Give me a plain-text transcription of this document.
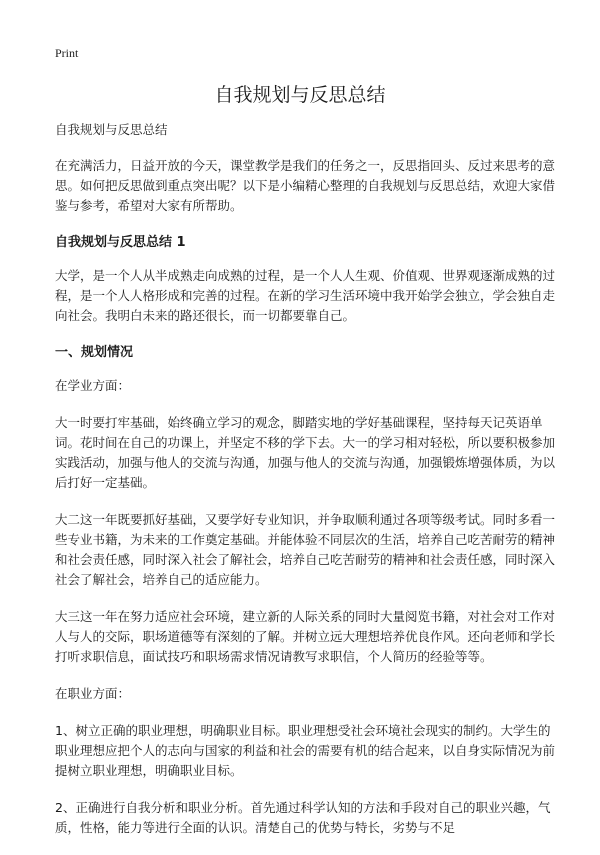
Print
自我规划与反思总结

自我规划与反思总结

在充满活力，日益开放的今天，课堂教学是我们的任务之一，反思指回头、反过来思考的意思。如何把反思做到重点突出呢？以下是小编精心整理的自我规划与反思总结，欢迎大家借鉴与参考，希望对大家有所帮助。

自我规划与反思总结 1

大学，是一个人从半成熟走向成熟的过程，是一个人人生观、价值观、世界观逐渐成熟的过程，是一个人人格形成和完善的过程。在新的学习生活环境中我开始学会独立，学会独自走向社会。我明白未来的路还很长，而一切都要靠自己。

一、规划情况

在学业方面：

大一时要打牢基础，始终确立学习的观念，脚踏实地的学好基础课程，坚持每天记英语单词。花时间在自己的功课上，并坚定不移的学下去。大一的学习相对轻松，所以要积极参加实践活动，加强与他人的交流与沟通，加强与他人的交流与沟通，加强锻炼增强体质，为以后打好一定基础。

大二这一年既要抓好基础，又要学好专业知识，并争取顺利通过各项等级考试。同时多看一些专业书籍，为未来的工作奠定基础。并能体验不同层次的生活，培养自己吃苦耐劳的精神和社会责任感，同时深入社会了解社会，培养自己吃苦耐劳的精神和社会责任感，同时深入社会了解社会，培养自己的适应能力。

大三这一年在努力适应社会环境，建立新的人际关系的同时大量阅览书籍，对社会对工作对人与人的交际，职场道德等有深刻的了解。并树立远大理想培养优良作风。还向老师和学长打听求职信息，面试技巧和职场需求情况请教写求职信，个人简历的经验等等。

在职业方面：

1、树立正确的职业理想，明确职业目标。职业理想受社会环境社会现实的制约。大学生的职业理想应把个人的志向与国家的利益和社会的需要有机的结合起来，以自身实际情况为前提树立职业理想，明确职业目标。

2、正确进行自我分析和职业分析。首先通过科学认知的方法和手段对自己的职业兴趣，气质，性格，能力等进行全面的认识。清楚自己的优势与特长，劣势与不足
